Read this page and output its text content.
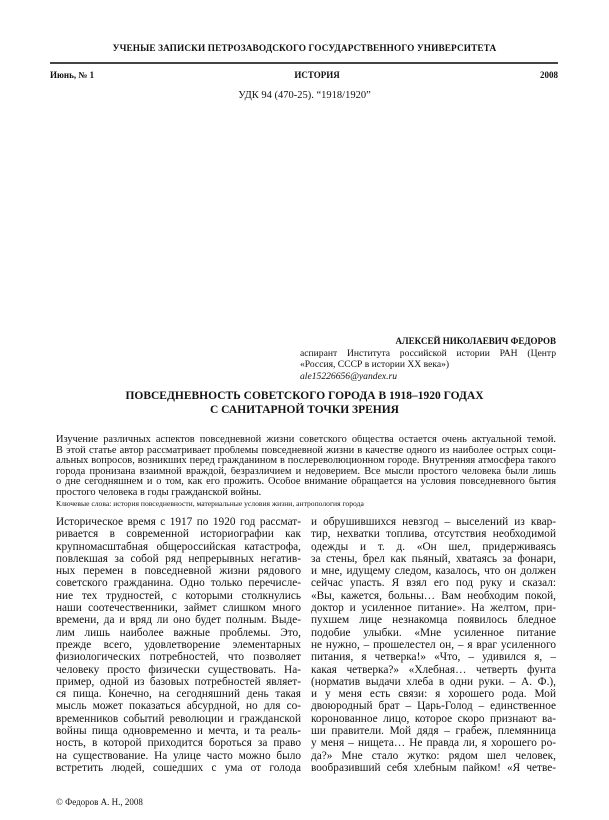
УЧЕНЫЕ ЗАПИСКИ ПЕТРОЗАВОДСКОГО ГОСУДАРСТВЕННОГО УНИВЕРСИТЕТА
Июнь, № 1	ИСТОРИЯ	2008
УДК 94 (470-25). “1918/1920”
АЛЕКСЕЙ НИКОЛАЕВИЧ ФЕДОРОВ
аспирант Института российской истории РАН (Центр «Россия, СССР в истории XX века»)
ale15226656@yandex.ru
ПОВСЕДНЕВНОСТЬ СОВЕТСКОГО ГОРОДА В 1918–1920 ГОДАХ
С САНИТАРНОЙ ТОЧКИ ЗРЕНИЯ
Изучение различных аспектов повседневной жизни советского общества остается очень актуальной темой.
В этой статье автор рассматривает проблемы повседневной жизни в качестве одного из наиболее острых соци-
альных вопросов, возникших перед гражданином в послереволюционном городе. Внутренняя атмосфера такого
города пронизана взаимной враждой, безразличием и недоверием. Все мысли простого человека были лишь
о дне сегодняшнем и о том, как его прожить. Особое внимание обращается на условия повседневного бытия
простого человека в годы гражданской войны.
Ключевые слова: история повседневности, материальные условия жизни, антропология города
Историческое время с 1917 по 1920 год рассмат-
ривается в современной историографии как
крупномасштабная общероссийская катастрофа,
повлекшая за собой ряд непрерывных негатив-
ных перемен в повседневной жизни рядового
советского гражданина. Одно только перечисле-
ние тех трудностей, с которыми столкнулись
наши соотечественники, займет слишком много
времени, да и вряд ли оно будет полным. Выде-
лим лишь наиболее важные проблемы. Это,
прежде всего, удовлетворение элементарных
физиологических потребностей, что позволяет
человеку просто физически существовать. На-
пример, одной из базовых потребностей являет-
ся пища. Конечно, на сегодняшний день такая
мысль может показаться абсурдной, но для со-
временников событий революции и гражданской
войны пища одновременно и мечта, и та реаль-
ность, в которой приходится бороться за право
на существование. На улице часто можно было
встретить людей, сошедших с ума от голода
и обрушившихся невзгод – выселений из квар-
тир, нехватки топлива, отсутствия необходимой
одежды и т. д. «Он шел, придерживаясь
за стены, брел как пьяный, хватаясь за фонари,
и мне, идущему следом, казалось, что он должен
сейчас упасть. Я взял его под руку и сказал:
«Вы, кажется, больны… Вам необходим покой,
доктор и усиленное питание». На желтом, при-
пухшем лице незнакомца появилось бледное
подобие улыбки. «Мне усиленное питание
не нужно, – прошелестел он, – я враг усиленного
питания, я четверка!» «Что, – удивился я, –
какая четверка?» «Хлебная… четверть фунта
(норматив выдачи хлеба в одни руки. – А. Ф.),
и у меня есть связи: я хорошего рода. Мой
двоюродный брат – Царь-Голод – единственное
коронованное лицо, которое скоро признают ва-
ши правители. Мой дядя – грабеж, племянница
у меня – нищета… Не правда ли, я хорошего ро-
да?» Мне стало жутко: рядом шел человек,
вообразивший себя хлебным пайком! «Я четве-
© Федоров А. Н., 2008
